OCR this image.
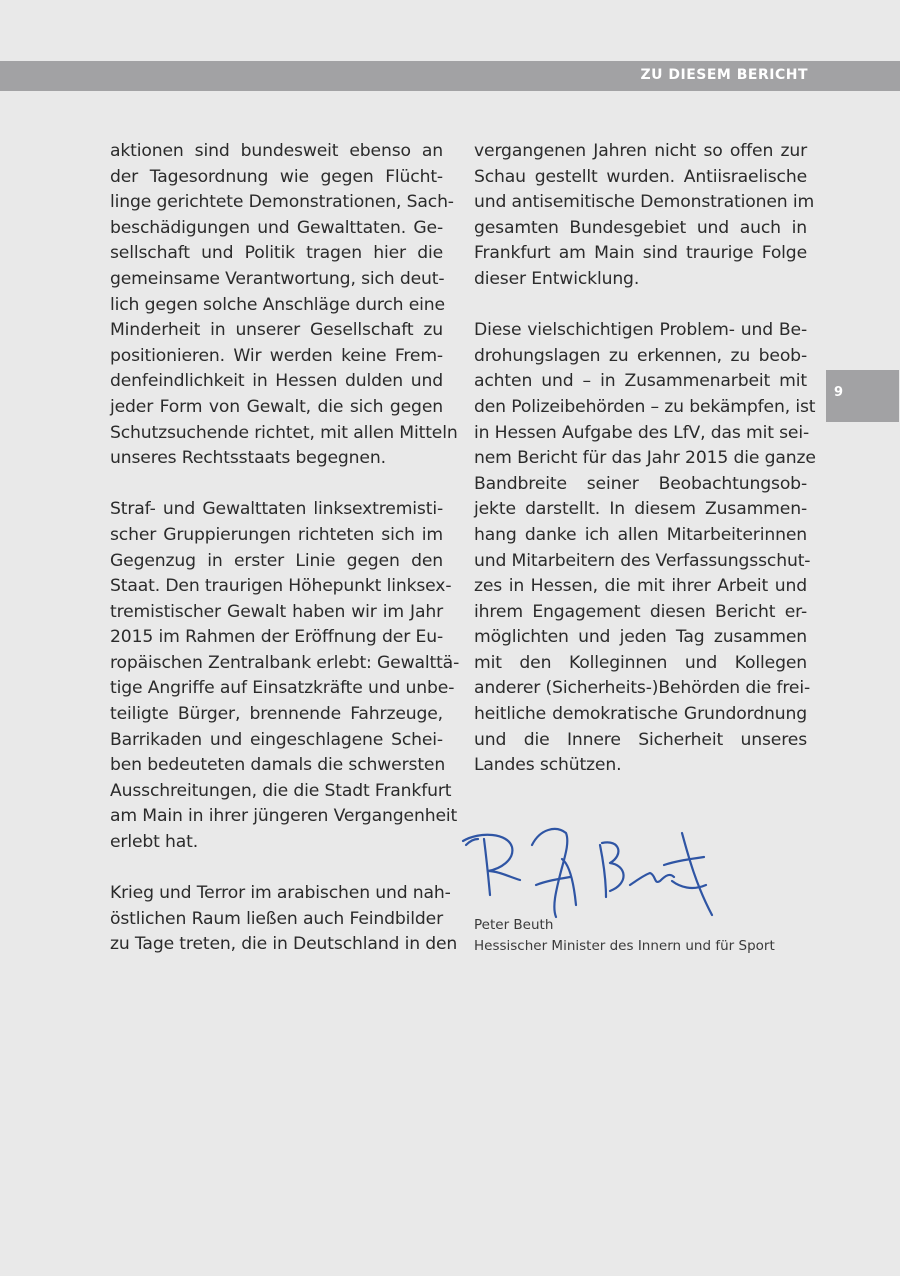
ZU DIESEM BERICHT
9
aktionen sind bundesweit ebenso an
der Tagesordnung wie gegen Flücht-
linge gerichtete Demonstrationen, Sach-
beschädigungen und Gewalttaten. Ge-
sellschaft und Politik tragen hier die
gemeinsame Verantwortung, sich deut-
lich gegen solche Anschläge durch eine
Minderheit in unserer Gesellschaft zu
positionieren. Wir werden keine Frem-
denfeindlichkeit in Hessen dulden und
jeder Form von Gewalt, die sich gegen
Schutzsuchende richtet, mit allen Mitteln
unseres Rechtsstaats begegnen.
Straf- und Gewalttaten linksextremisti-
scher Gruppierungen richteten sich im
Gegenzug in erster Linie gegen den
Staat. Den traurigen Höhepunkt linksex-
tremistischer Gewalt haben wir im Jahr
2015 im Rahmen der Eröffnung der Eu-
ropäischen Zentralbank erlebt: Gewalttä-
tige Angriffe auf Einsatzkräfte und unbe-
teiligte Bürger, brennende Fahrzeuge,
Barrikaden und eingeschlagene Schei-
ben bedeuteten damals die schwersten
Ausschreitungen, die die Stadt Frankfurt
am Main in ihrer jüngeren Vergangenheit
erlebt hat.
Krieg und Terror im arabischen und nah-
östlichen Raum ließen auch Feindbilder
zu Tage treten, die in Deutschland in den
vergangenen Jahren nicht so offen zur
Schau gestellt wurden. Antiisraelische
und antisemitische Demonstrationen im
gesamten Bundesgebiet und auch in
Frankfurt am Main sind traurige Folge
dieser Entwicklung.
Diese vielschichtigen Problem- und Be-
drohungslagen zu erkennen, zu beob-
achten und – in Zusammenarbeit mit
den Polizeibehörden – zu bekämpfen, ist
in Hessen Aufgabe des LfV, das mit sei-
nem Bericht für das Jahr 2015 die ganze
Bandbreite seiner Beobachtungsob-
jekte darstellt. In diesem Zusammen-
hang danke ich allen Mitarbeiterinnen
und Mitarbeitern des Verfassungsschut-
zes in Hessen, die mit ihrer Arbeit und
ihrem Engagement diesen Bericht er-
möglichten und jeden Tag zusammen
mit den Kolleginnen und Kollegen
anderer (Sicherheits-)Behörden die frei-
heitliche demokratische Grundordnung
und die Innere Sicherheit unseres
Landes schützen.
Peter Beuth
Hessischer Minister des Innern und für Sport
